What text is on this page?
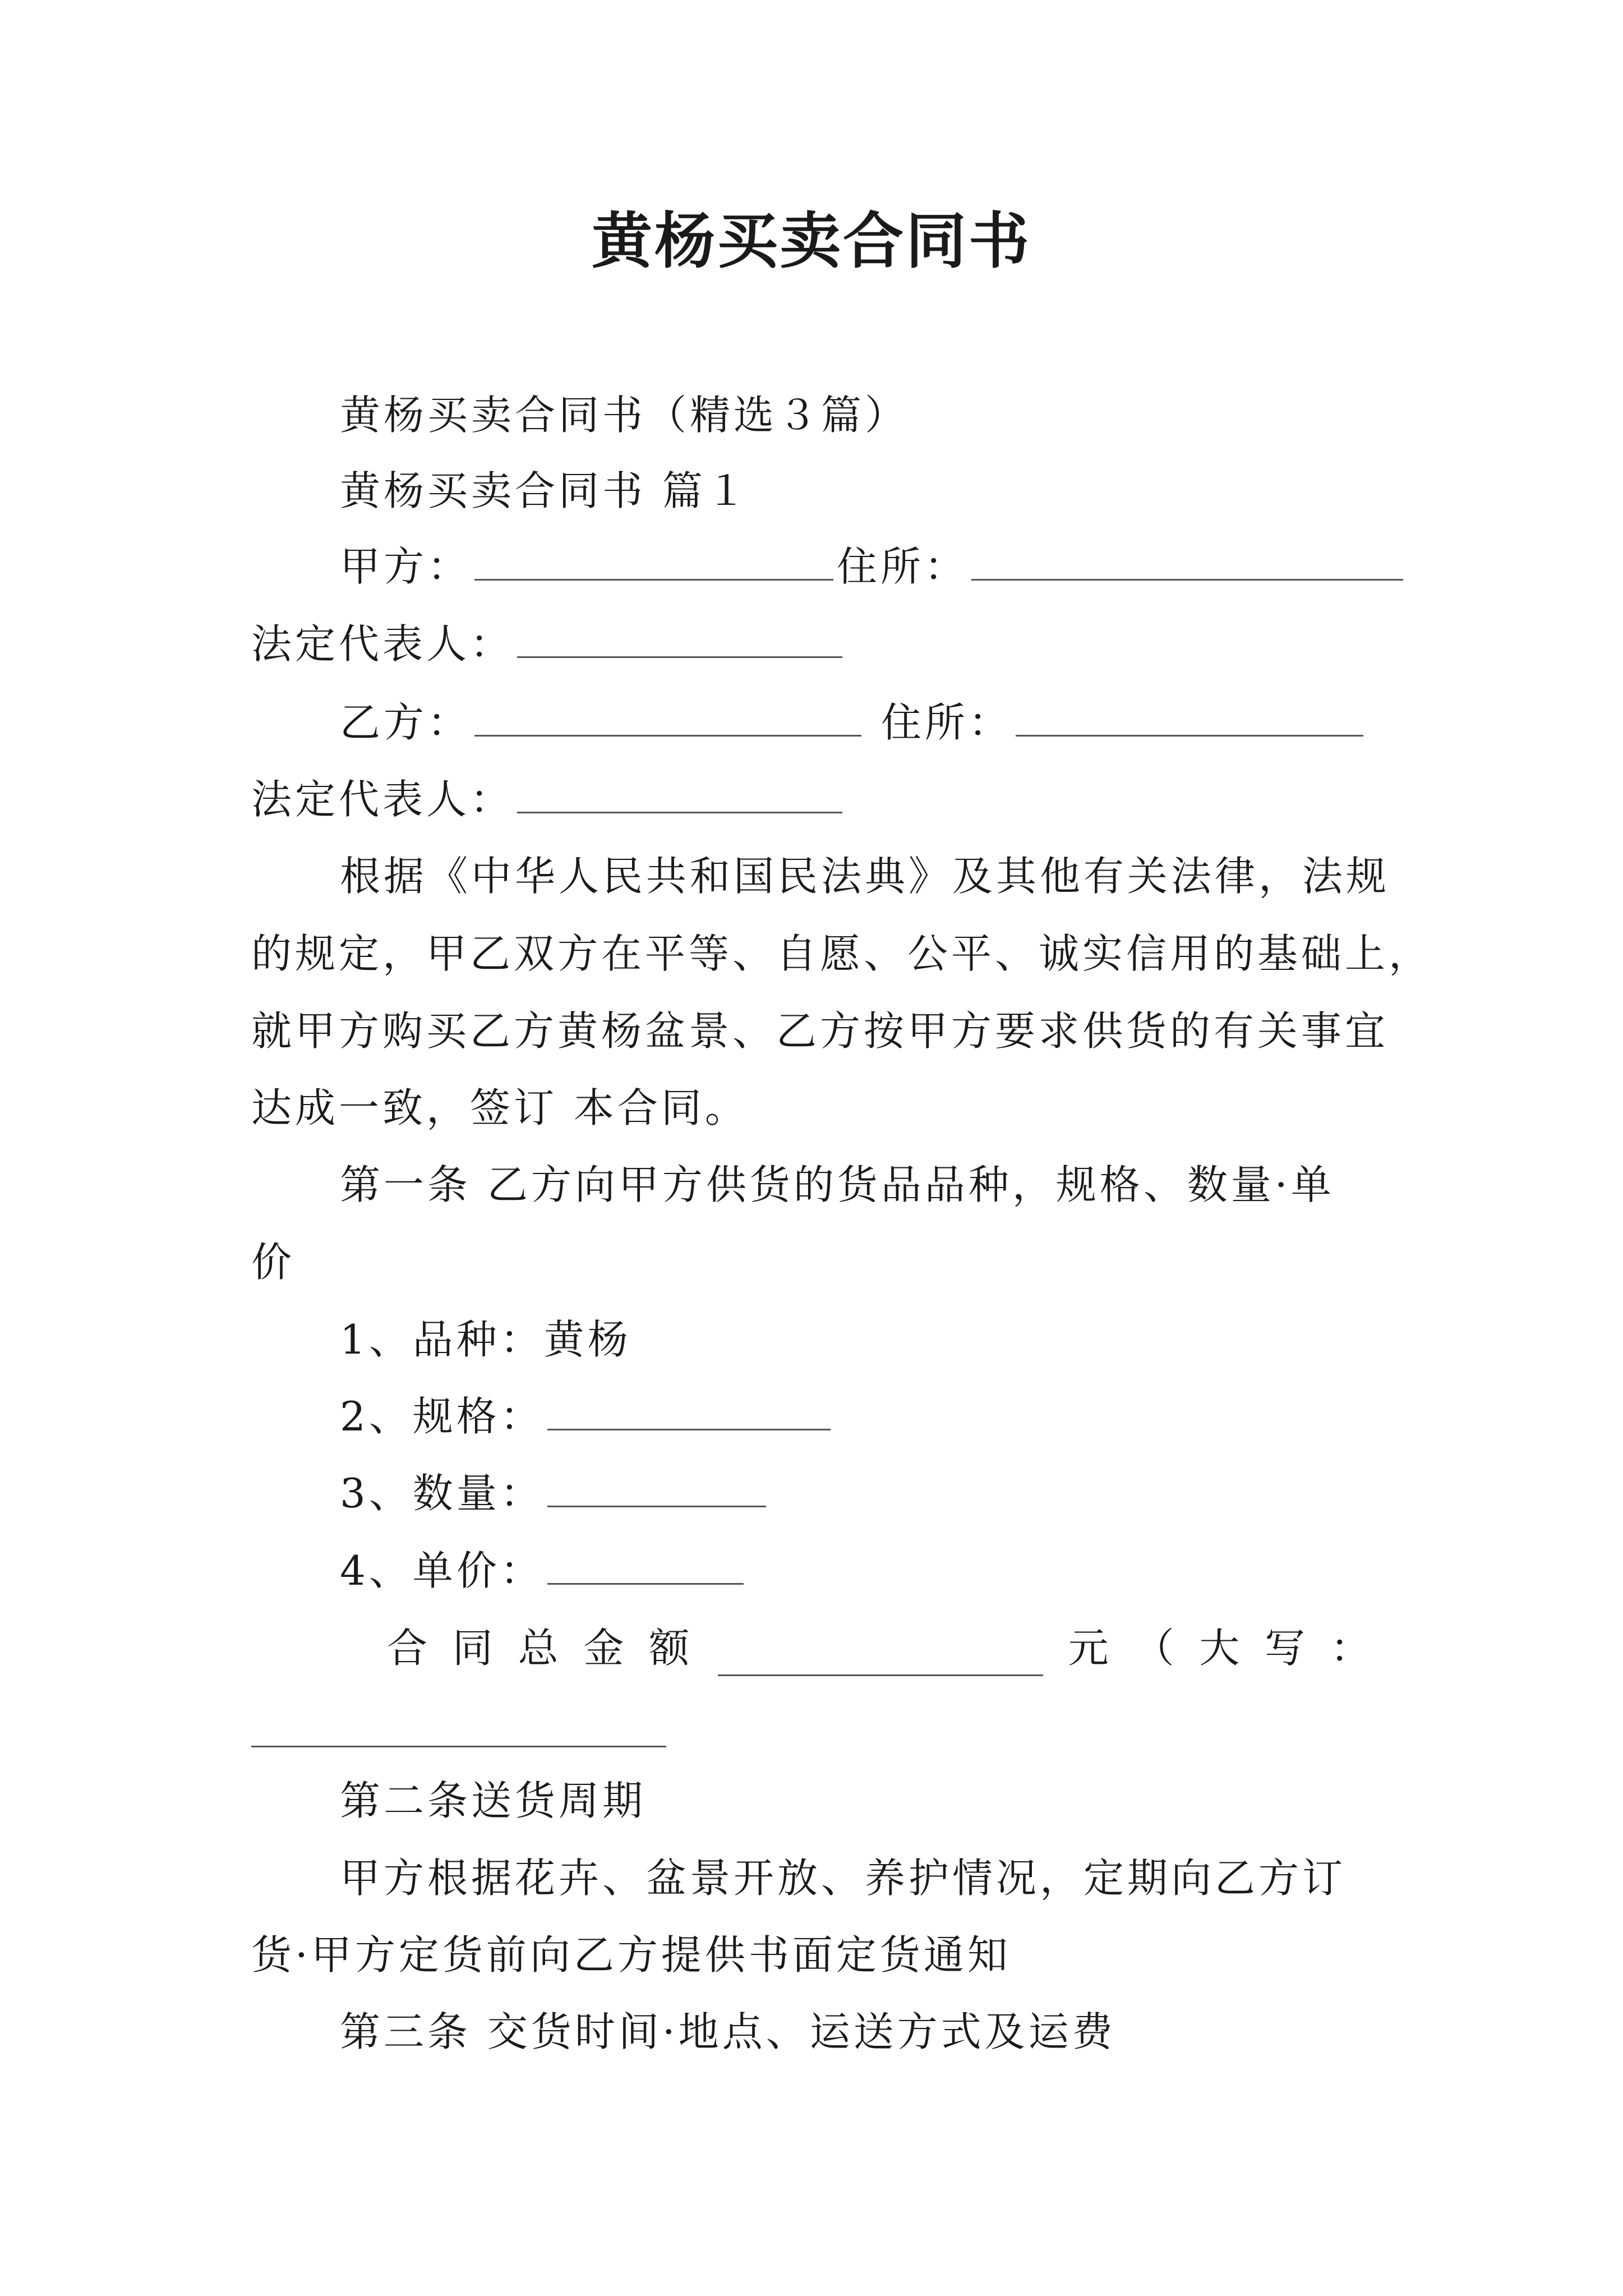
黄杨买卖合同书
黄杨买卖合同书（精选３篇）
黄杨买卖合同书 篇１
甲方：	住所：
法定代表人：
乙方：	住所：
法定代表人：
根据《中华人民共和国民法典》及其他有关法律，法规
的规定，甲乙双方在平等、自愿、公平、诚实信用的基础上，
就甲方购买乙方黄杨盆景、乙方按甲方要求供货的有关事宜
达成一致，签订 本合同。
第一条 乙方向甲方供货的货品品种，规格、数量·单
价
1、品种：黄杨
2、规格：
3、数量：
4、单价：
合 同 总 金 额	元 （ 大 写 ：
第二条送货周期
甲方根据花卉、盆景开放、养护情况，定期向乙方订
货·甲方定货前向乙方提供书面定货通知
第三条 交货时间·地点、运送方式及运费
